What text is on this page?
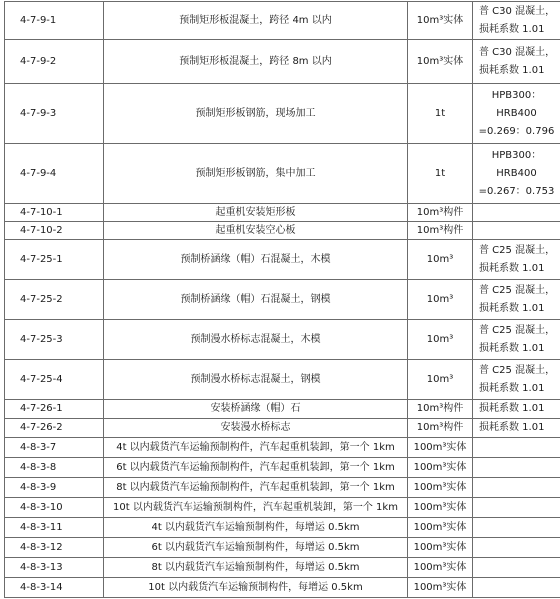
4-7-9-1	预制矩形板混凝土，跨径 4m 以内	10m³实体	普 C30 混凝土，
损耗系数 1.01

4-7-9-2	预制矩形板混凝土，跨径 8m 以内	10m³实体	普 C30 混凝土，
损耗系数 1.01

4-7-9-3	预制矩形板钢筋，现场加工	1t	HPB300：
HRB400
=0.269：0.796

4-7-9-4	预制矩形板钢筋，集中加工	1t	HPB300：
HRB400
=0.267：0.753

4-7-10-1	起重机安装矩形板	10m³构件	
4-7-10-2	起重机安装空心板	10m³构件	
4-7-25-1	预制桥涵缘（帽）石混凝土，木模	10m³	普 C25 混凝土，
损耗系数 1.01

4-7-25-2	预制桥涵缘（帽）石混凝土，钢模	10m³	普 C25 混凝土，
损耗系数 1.01

4-7-25-3	预制漫水桥标志混凝土，木模	10m³	普 C25 混凝土，
损耗系数 1.01

4-7-25-4	预制漫水桥标志混凝土，钢模	10m³	普 C25 混凝土，
损耗系数 1.01

4-7-26-1	安装桥涵缘（帽）石	10m³构件	损耗系数 1.01
4-7-26-2	安装漫水桥标志	10m³构件	损耗系数 1.01
4-8-3-7	4t 以内载货汽车运输预制构件，汽车起重机装卸，第一个 1km	100m³实体	
4-8-3-8	6t 以内载货汽车运输预制构件，汽车起重机装卸，第一个 1km	100m³实体	
4-8-3-9	8t 以内载货汽车运输预制构件，汽车起重机装卸，第一个 1km	100m³实体	
4-8-3-10	10t 以内载货汽车运输预制构件，汽车起重机装卸，第一个 1km	100m³实体	
4-8-3-11	4t 以内载货汽车运输预制构件，每增运 0.5km	100m³实体	
4-8-3-12	6t 以内载货汽车运输预制构件，每增运 0.5km	100m³实体	
4-8-3-13	8t 以内载货汽车运输预制构件，每增运 0.5km	100m³实体	
4-8-3-14	10t 以内载货汽车运输预制构件，每增运 0.5km	100m³实体	
